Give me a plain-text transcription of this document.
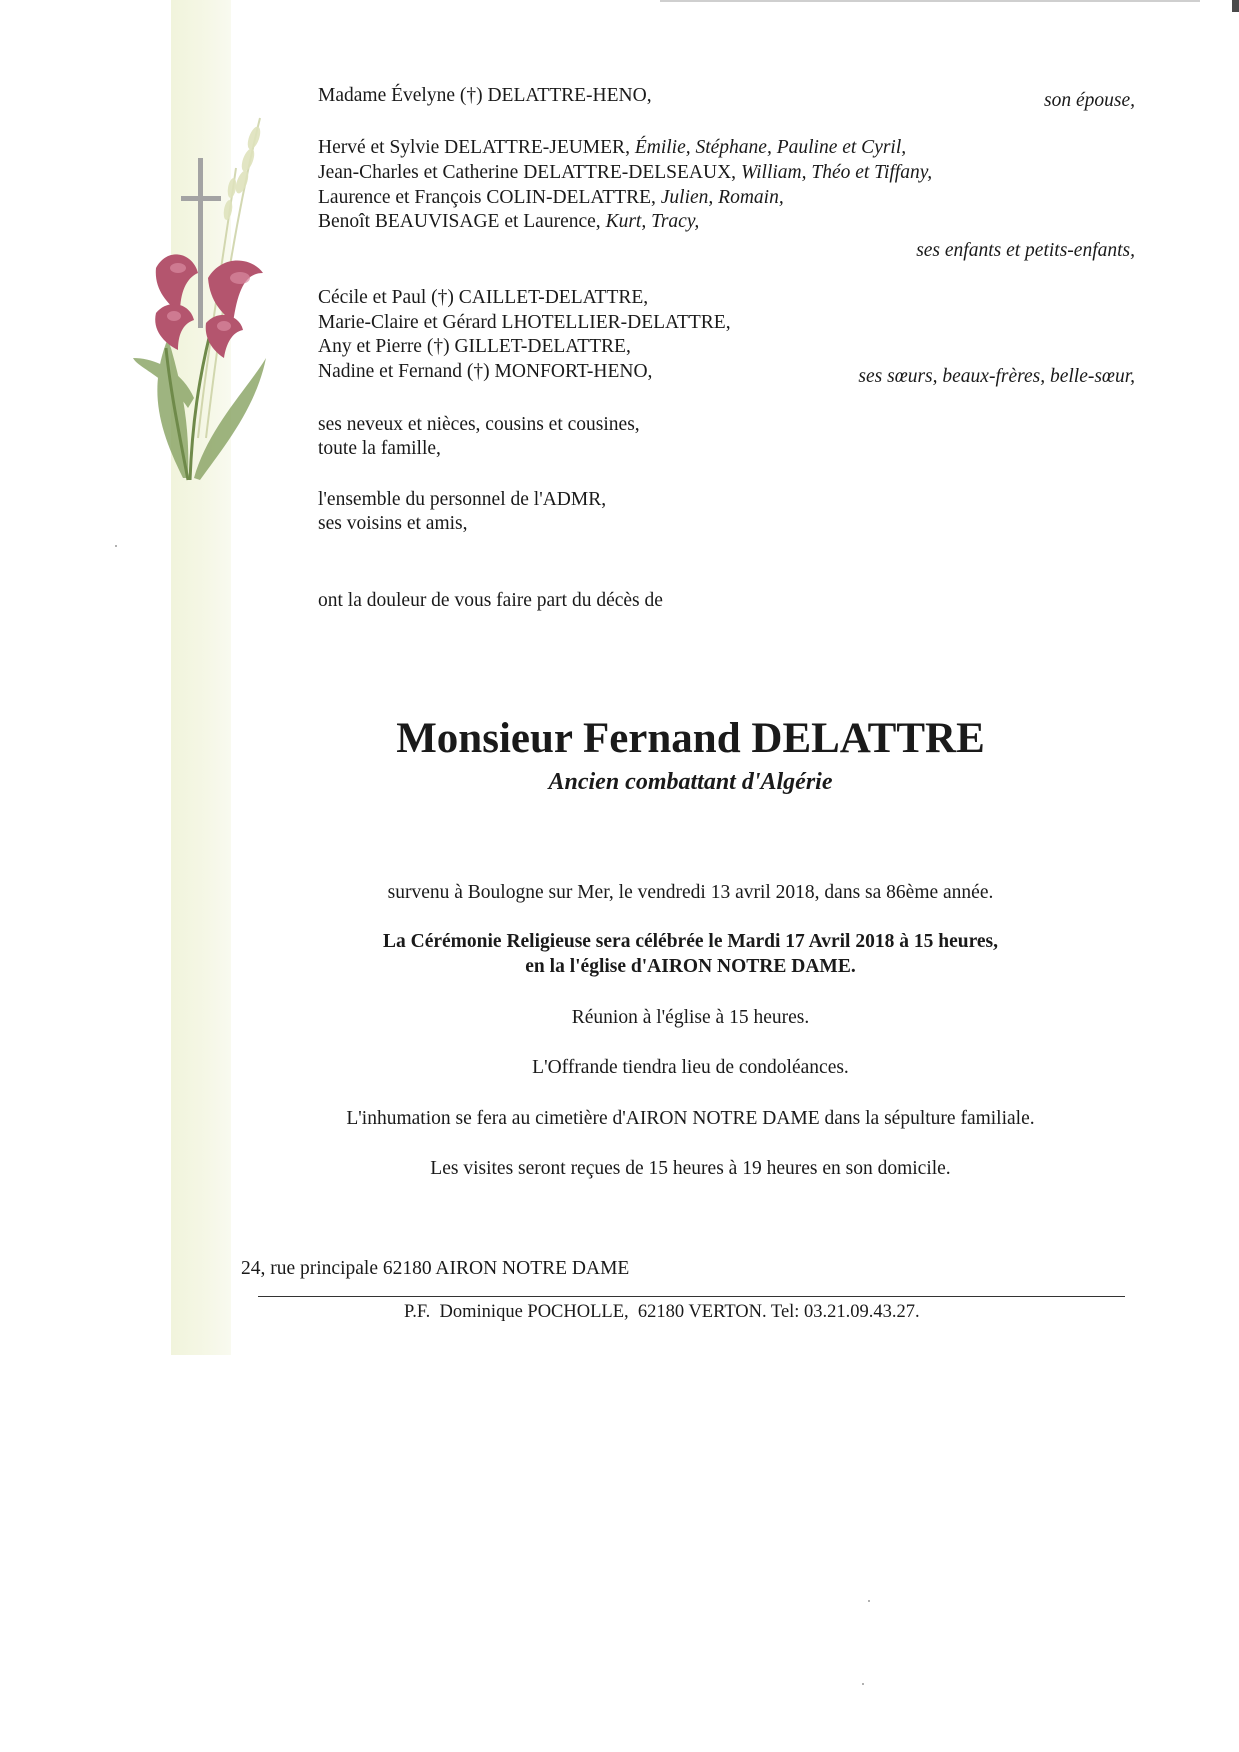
Madame Évelyne (†) DELATTRE-HENO,	son épouse,
Hervé et Sylvie DELATTRE-JEUMER, Émilie, Stéphane, Pauline et Cyril,
Jean-Charles et Catherine DELATTRE-DELSEAUX, William, Théo et Tiffany,
Laurence et François COLIN-DELATTRE, Julien, Romain,
Benoît BEAUVISAGE et Laurence, Kurt, Tracy,
ses enfants et petits-enfants,
Cécile et Paul (†) CAILLET-DELATTRE,
Marie-Claire et Gérard LHOTELLIER-DELATTRE,
Any et Pierre (†) GILLET-DELATTRE,
Nadine et Fernand (†) MONFORT-HENO,	ses sœurs, beaux-frères, belle-sœur,
ses neveux et nièces, cousins et cousines,
toute la famille,
l'ensemble du personnel de l'ADMR,
ses voisins et amis,
ont la douleur de vous faire part du décès de
Monsieur Fernand DELATTRE
Ancien combattant d'Algérie
survenu à Boulogne sur Mer, le vendredi 13 avril 2018, dans sa 86ème année.
La Cérémonie Religieuse sera célébrée le Mardi 17 Avril 2018 à 15 heures,
en la l'église d'AIRON NOTRE DAME.
Réunion à l'église à 15 heures.
L'Offrande tiendra lieu de condoléances.
L'inhumation se fera au cimetière d'AIRON NOTRE DAME dans la sépulture familiale.
Les visites seront reçues de 15 heures à 19 heures en son domicile.
24, rue principale 62180 AIRON NOTRE DAME
P.F.  Dominique POCHOLLE,  62180 VERTON. Tel: 03.21.09.43.27.
